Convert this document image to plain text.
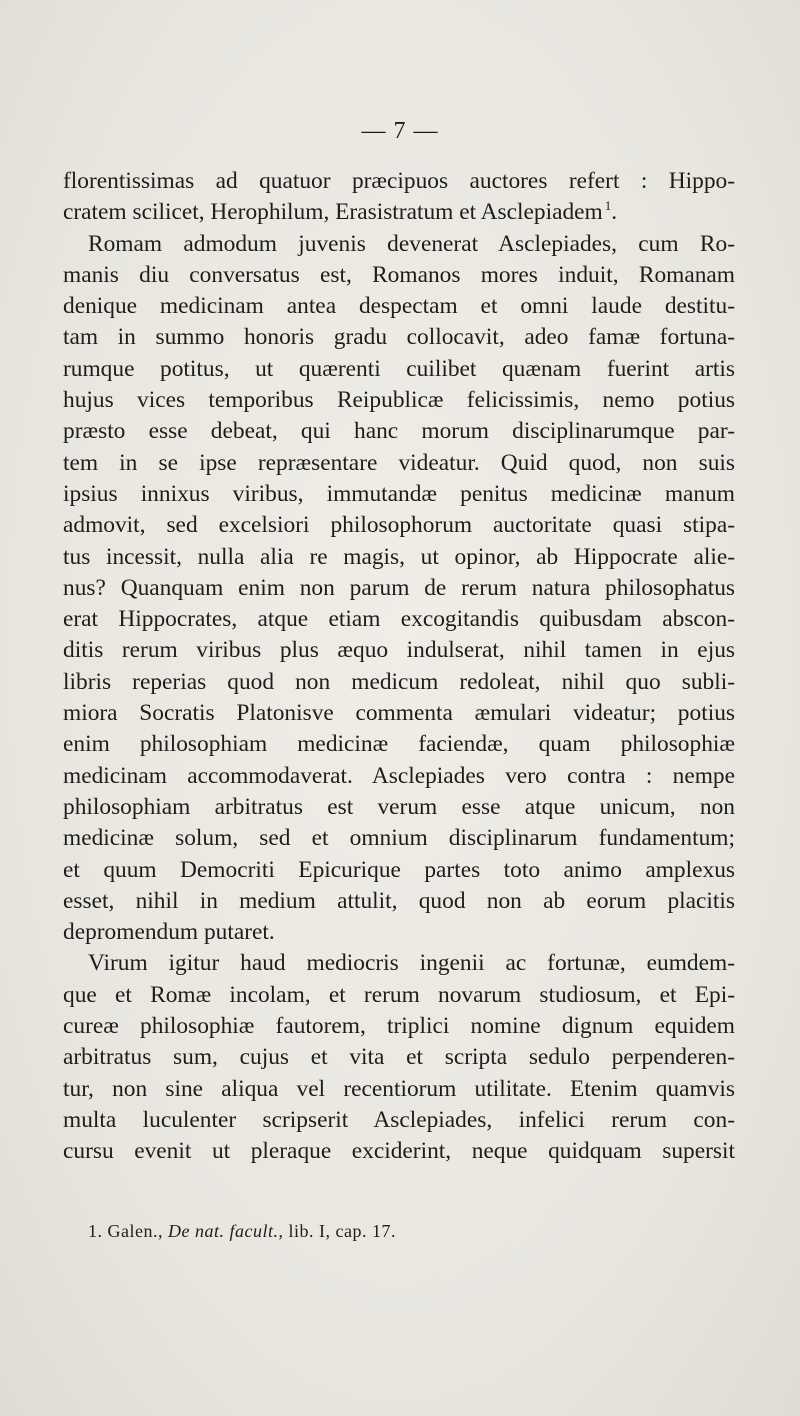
— 7 —
florentissimas ad quatuor præcipuos auctores refert : Hippo-
cratem scilicet, Herophilum, Erasistratum et Asclepiadem  $^1$.
Romam admodum juvenis devenerat Asclepiades, cum Ro-
manis diu conversatus est, Romanos mores induit, Romanam
denique medicinam antea despectam et omni laude destitu-
tam in summo honoris gradu collocavit, adeo famæ fortuna-
rumque potitus, ut quærenti cuilibet quænam fuerint artis
hujus vices temporibus Reipublicæ felicissimis, nemo potius
præsto esse debeat, qui hanc morum disciplinarumque par-
tem in se ipse repræsentare videatur. Quid quod, non suis
ipsius innixus viribus, immutandæ penitus medicinæ manum
admovit, sed excelsiori philosophorum auctoritate quasi stipa-
tus incessit, nulla alia re magis, ut opinor, ab Hippocrate alie-
nus? Quanquam enim non parum de rerum natura philosophatus
erat Hippocrates, atque etiam excogitandis quibusdam abscon-
ditis rerum viribus plus æquo indulserat, nihil tamen in ejus
libris reperias quod non medicum redoleat, nihil quo subli-
miora Socratis Platonisve commenta æmulari videatur; potius
enim philosophiam medicinæ faciendæ, quam philosophiæ
medicinam accommodaverat. Asclepiades vero contra : nempe
philosophiam arbitratus est verum esse atque unicum, non
medicinæ solum, sed et omnium disciplinarum fundamentum;
et quum Democriti Epicurique partes toto animo amplexus
esset, nihil in medium attulit, quod non ab eorum placitis
depromendum putaret.
Virum igitur haud mediocris ingenii ac fortunæ, eumdem-
que et Romæ incolam, et rerum novarum studiosum, et Epi-
cureæ philosophiæ fautorem, triplici nomine dignum equidem
arbitratus sum, cujus et vita et scripta sedulo perpenderen-
tur, non sine aliqua vel recentiorum utilitate. Etenim quamvis
multa luculenter scripserit Asclepiades, infelici rerum con-
cursu evenit ut pleraque exciderint, neque quidquam supersit
1. Galen., De nat. facult., lib. I, cap. 17.
